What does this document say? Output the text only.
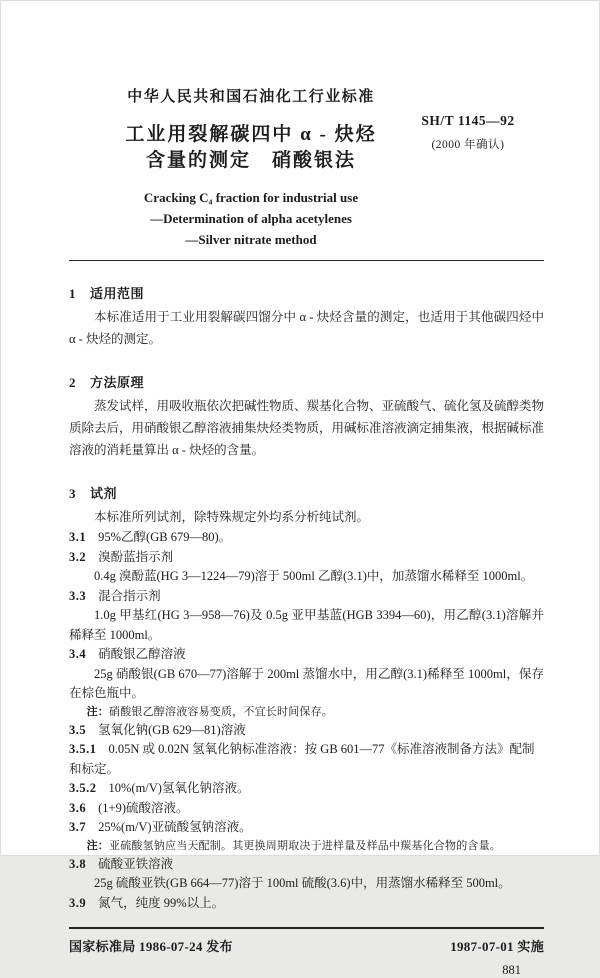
中华人民共和国石油化工行业标准
工业用裂解碳四中 α - 炔烃
含量的测定　硝酸银法
Cracking C₄ fraction for industrial use
—Determination of alpha acetylenes
—Silver nitrate method
SH/T 1145—92
(2000 年确认)
1 适用范围

本标准适用于工业用裂解碳四馏分中 α - 炔烃含量的测定，也适用于其他碳四烃中 α - 炔烃的测定。

2 方法原理

蒸发试样，用吸收瓶依次把碱性物质、羰基化合物、亚硫酸气、硫化氢及硫醇类物质除去后，用硝酸银乙醇溶液捕集炔烃类物质，用碱标准溶液滴定捕集液，根据碱标准溶液的消耗量算出 α - 炔烃的含量。

3 试剂

本标准所列试剂，除特殊规定外均系分析纯试剂。

3.1 95%乙醇(GB 679—80)。
3.2 溴酚蓝指示剂

0.4g 溴酚蓝(HG 3—1224—79)溶于 500ml 乙醇(3.1)中，加蒸馏水稀释至 1000ml。

3.3 混合指示剂

1.0g 甲基红(HG 3—958—76)及 0.5g 亚甲基蓝(HGB 3394—60)，用乙醇(3.1)溶解并稀释至 1000ml。

3.4 硝酸银乙醇溶液

25g 硝酸银(GB 670—77)溶解于 200ml 蒸馏水中，用乙醇(3.1)稀释至 1000ml，保存在棕色瓶中。

注：硝酸银乙醇溶液容易变质，不宜长时间保存。
3.5 氢氧化钠(GB 629—81)溶液
3.5.1 0.05N 或 0.02N 氢氧化钠标准溶液：按 GB 601—77《标准溶液制备方法》配制和标定。
3.5.2 10%(m/V)氢氧化钠溶液。
3.6 (1+9)硫酸溶液。
3.7 25%(m/V)亚硫酸氢钠溶液。
注：亚硫酸氢钠应当天配制。其更换周期取决于进样量及样品中羰基化合物的含量。
3.8 硫酸亚铁溶液

25g 硫酸亚铁(GB 664—77)溶于 100ml 硫酸(3.6)中，用蒸馏水稀释至 500ml。

3.9 氮气，纯度 99%以上。
国家标准局 1986-07-24 发布	1987-07-01 实施
881
